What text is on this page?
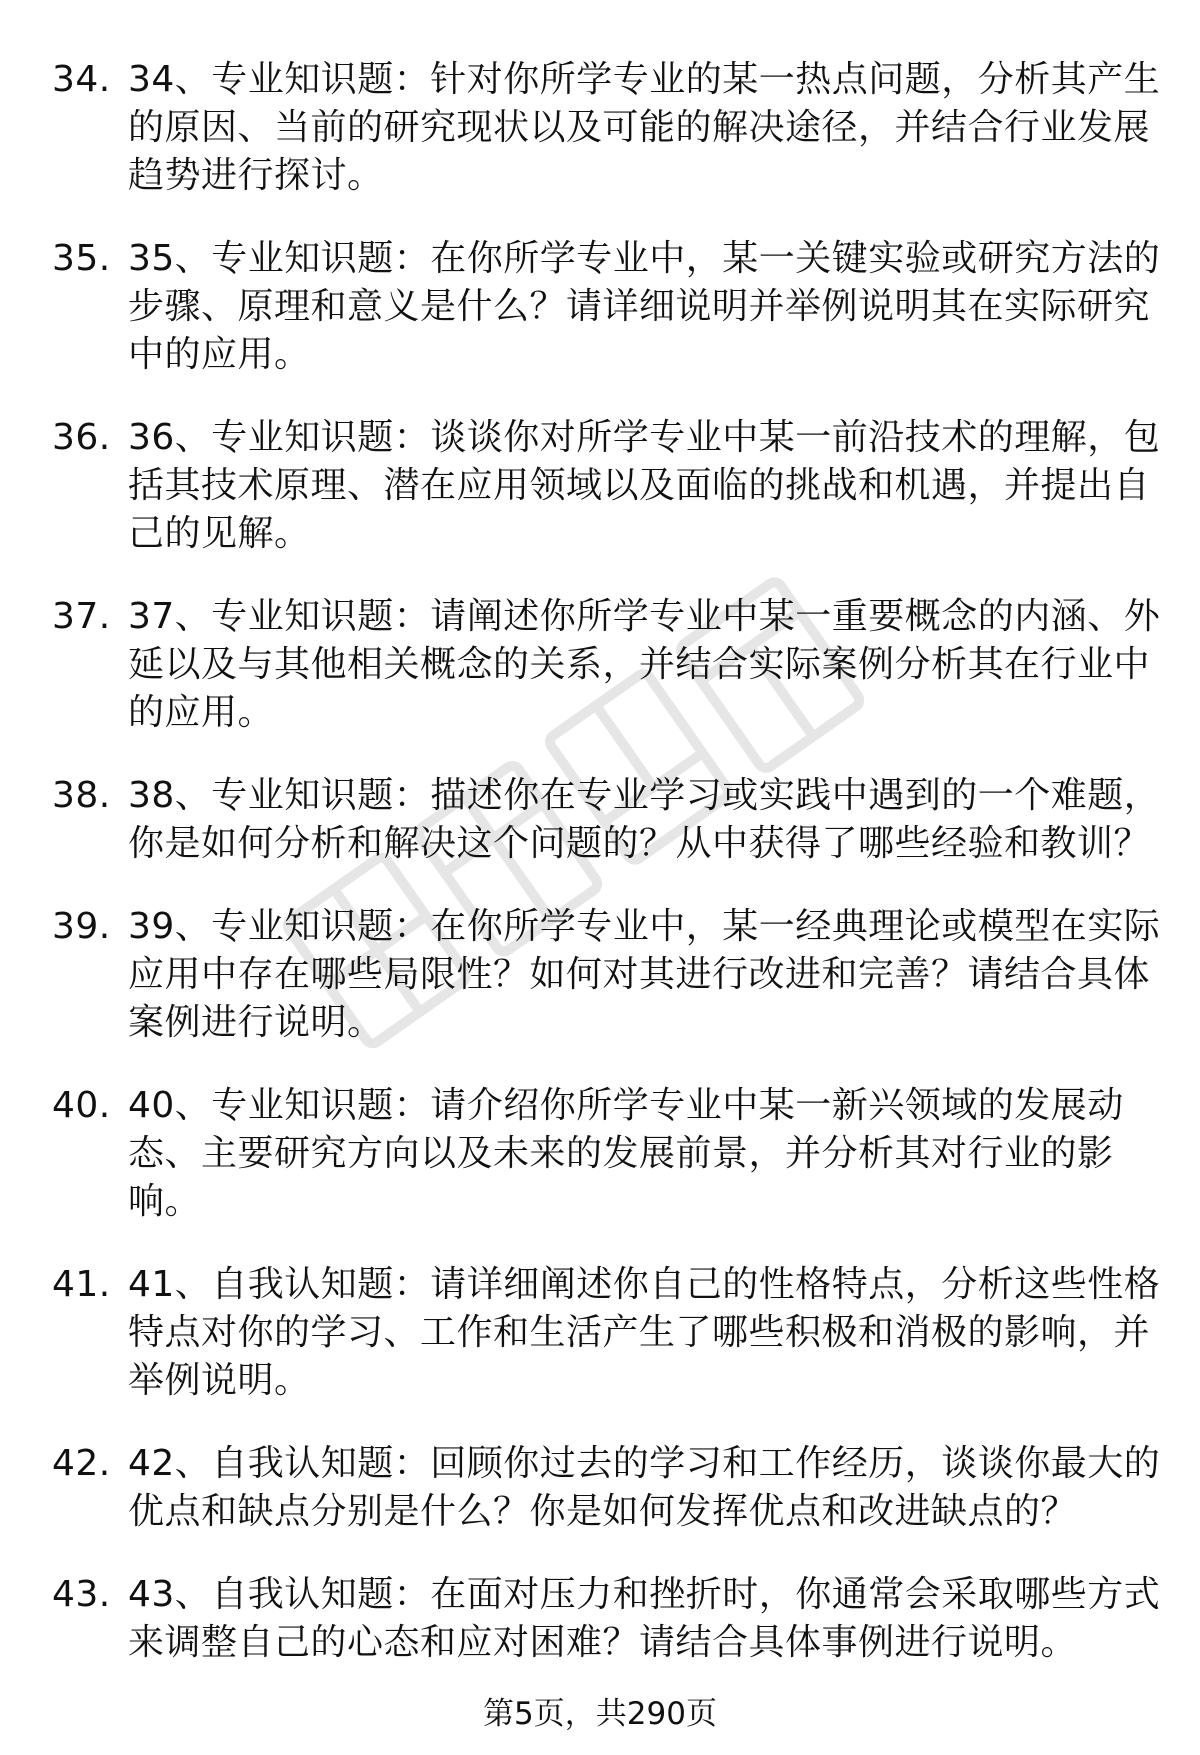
34. 34、专业知识题：针对你所学专业的某一热点问题，分析其产生的原因、当前的研究现状以及可能的解决途径，并结合行业发展趋势进行探讨。
35. 35、专业知识题：在你所学专业中，某一关键实验或研究方法的步骤、原理和意义是什么？请详细说明并举例说明其在实际研究中的应用。
36. 36、专业知识题：谈谈你对所学专业中某一前沿技术的理解，包括其技术原理、潜在应用领域以及面临的挑战和机遇，并提出自己的见解。
37. 37、专业知识题：请阐述你所学专业中某一重要概念的内涵、外延以及与其他相关概念的关系，并结合实际案例分析其在行业中的应用。
38. 38、专业知识题：描述你在专业学习或实践中遇到的一个难题，你是如何分析和解决这个问题的？从中获得了哪些经验和教训？
39. 39、专业知识题：在你所学专业中，某一经典理论或模型在实际应用中存在哪些局限性？如何对其进行改进和完善？请结合具体案例进行说明。
40. 40、专业知识题：请介绍你所学专业中某一新兴领域的发展动态、主要研究方向以及未来的发展前景，并分析其对行业的影响。
41. 41、自我认知题：请详细阐述你自己的性格特点，分析这些性格特点对你的学习、工作和生活产生了哪些积极和消极的影响，并举例说明。
42. 42、自我认知题：回顾你过去的学习和工作经历，谈谈你最大的优点和缺点分别是什么？你是如何发挥优点和改进缺点的？
43. 43、自我认知题：在面对压力和挫折时，你通常会采取哪些方式来调整自己的心态和应对困难？请结合具体事例进行说明。
第5页，共290页
